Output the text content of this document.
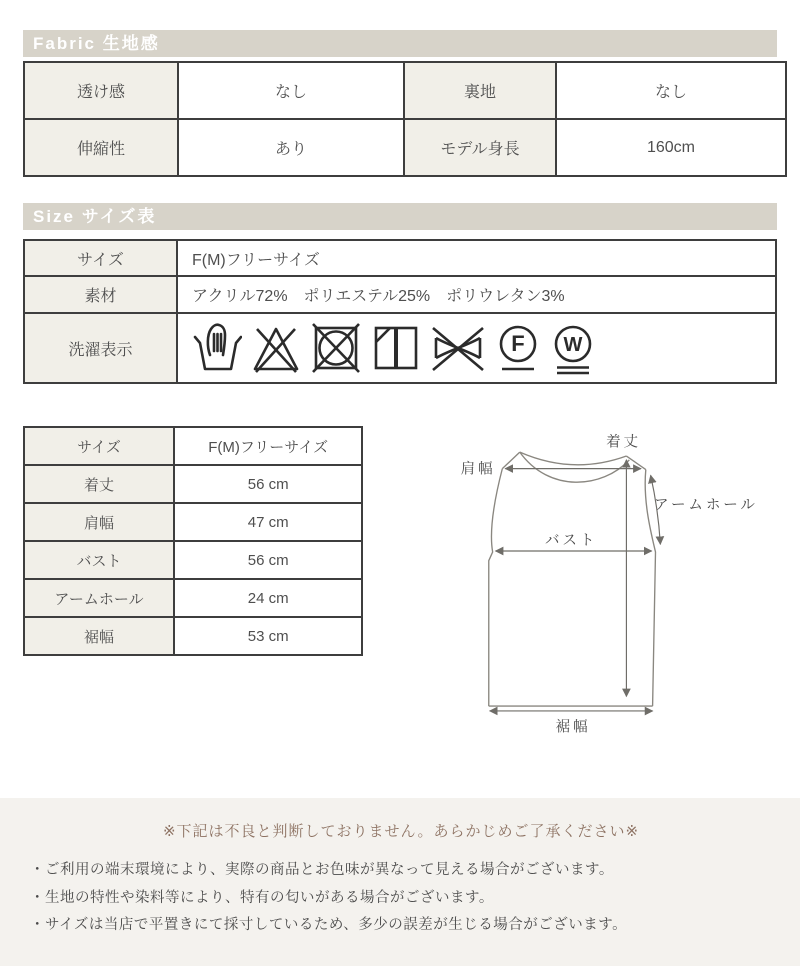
Fabric 生地感
透け感	なし	裏地	なし
伸縮性	あり	モデル身長	160cm
Size サイズ表
サイズ	F(M)フリーサイズ
素材	アクリル72%　ポリエステル25%　ポリウレタン3%
洗濯表示	F W
サイズ	F(M)フリーサイズ
着丈	56 cm
肩幅	47 cm
バスト	56 cm
アームホール	24 cm
裾幅	53 cm
着丈
肩幅
アームホール
バスト
裾幅

※下記は不良と判断しておりません。あらかじめご了承ください※

・ご利用の端末環境により、実際の商品とお色味が異なって見える場合がございます。
・生地の特性や染料等により、特有の匂いがある場合がございます。
・サイズは当店で平置きにて採寸しているため、多少の誤差が生じる場合がございます。
